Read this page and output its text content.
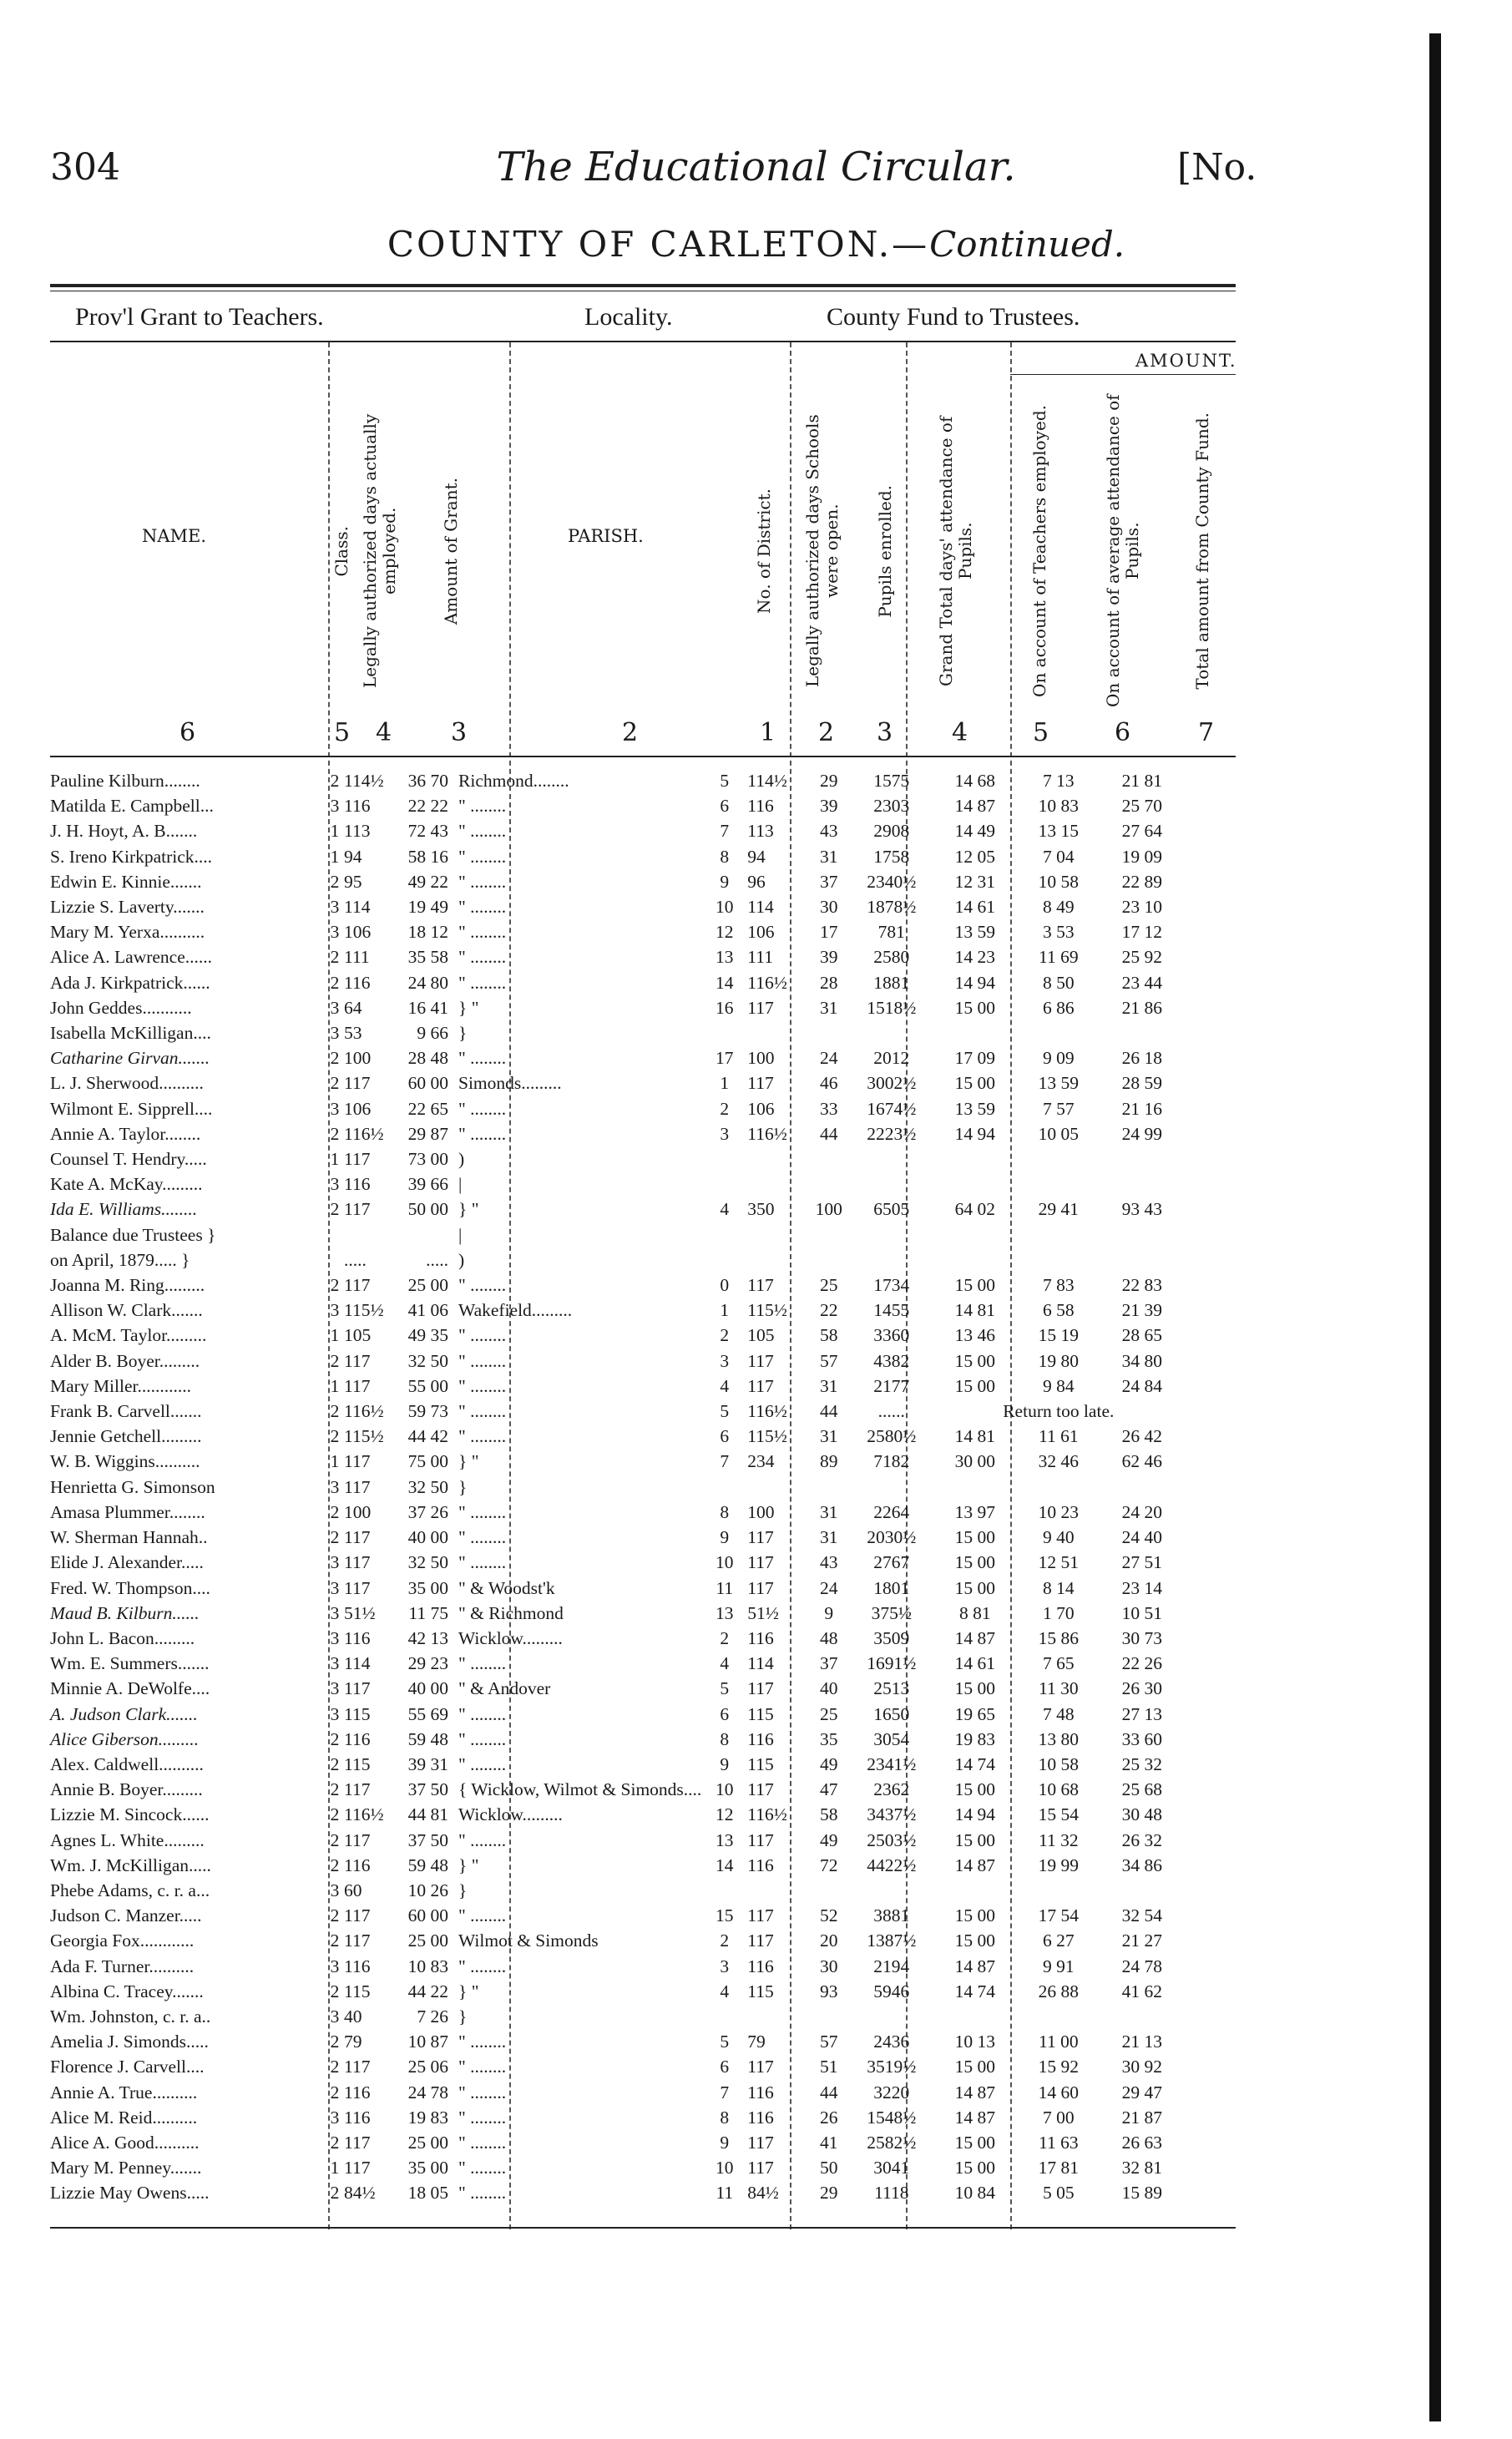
304	The Educational Circular.	[No.
COUNTY OF CARLETON.—Continued.
Prov'l Grant to Teachers.	Locality.	County Fund to Trustees.
AMOUNT.
NAME.	Class. Legally authorized days actually employed. Amount of Grant.	PARISH.	No. of District. Legally authorized days Schools were open. Pupils enrolled. Grand Total days' attendance of Pupils.	On account of Teachers employed.	On account of average attendance of Pupils.	Total amount from County Fund.
6	5 4 3	2	1 2 3 4	5	6	7
Pauline Kilburn........	2	114½	36 70	Richmond........	5	114½	29	1575	14 68	7 13	21 81
Matilda E. Campbell...	3	116	22 22	" ........	6	116	39	2303	14 87	10 83	25 70
J. H. Hoyt, A. B.......	1	113	72 43	" ........	7	113	43	2908	14 49	13 15	27 64
S. Ireno Kirkpatrick....	1	94	58 16	" ........	8	94	31	1758	12 05	7 04	19 09
Edwin E. Kinnie.......	2	95	49 22	" ........	9	96	37	2340½	12 31	10 58	22 89
Lizzie S. Laverty.......	3	114	19 49	" ........	10	114	30	1878½	14 61	8 49	23 10
Mary M. Yerxa..........	3	106	18 12	" ........	12	106	17	781	13 59	3 53	17 12
Alice A. Lawrence......	2	111	35 58	" ........	13	111	39	2580	14 23	11 69	25 92
Ada J. Kirkpatrick......	2	116	24 80	" ........	14	116½	28	1881	14 94	8 50	23 44
John Geddes...........	3	64	16 41	} "	16	117	31	1518½	15 00	6 86	21 86
Isabella McKilligan....	3	53	9 66	}							
Catharine Girvan.......	2	100	28 48	" ........	17	100	24	2012	17 09	9 09	26 18
L. J. Sherwood..........	2	117	60 00	Simonds.........	1	117	46	3002½	15 00	13 59	28 59
Wilmont E. Sipprell....	3	106	22 65	" ........	2	106	33	1674½	13 59	7 57	21 16
Annie A. Taylor........	2	116½	29 87	" ........	3	116½	44	2223½	14 94	10 05	24 99
Counsel T. Hendry.....	1	117	73 00	)							
Kate A. McKay.........	3	116	39 66	|							
Ida E. Williams........	2	117	50 00	} "	4	350	100	6505	64 02	29 41	93 43
Balance due Trustees }				|							
on April, 1879..... }		.....	.....	)							
Joanna M. Ring.........	2	117	25 00	" ........	0	117	25	1734	15 00	7 83	22 83
Allison W. Clark.......	3	115½	41 06	Wakefield.........	1	115½	22	1455	14 81	6 58	21 39
A. McM. Taylor.........	1	105	49 35	" ........	2	105	58	3360	13 46	15 19	28 65
Alder B. Boyer.........	2	117	32 50	" ........	3	117	57	4382	15 00	19 80	34 80
Mary Miller............	1	117	55 00	" ........	4	117	31	2177	15 00	9 84	24 84
Frank B. Carvell.......	2	116½	59 73	" ........	5	116½	44	......	Return too late.		
Jennie Getchell.........	2	115½	44 42	" ........	6	115½	31	2580½	14 81	11 61	26 42
W. B. Wiggins..........	1	117	75 00	} "	7	234	89	7182	30 00	32 46	62 46
Henrietta G. Simonson	3	117	32 50	}							
Amasa Plummer........	2	100	37 26	" ........	8	100	31	2264	13 97	10 23	24 20
W. Sherman Hannah..	2	117	40 00	" ........	9	117	31	2030½	15 00	9 40	24 40
Elide J. Alexander.....	3	117	32 50	" ........	10	117	43	2767	15 00	12 51	27 51
Fred. W. Thompson....	3	117	35 00	" & Woodst'k	11	117	24	1801	15 00	8 14	23 14
Maud B. Kilburn......	3	51½	11 75	" & Richmond	13	51½	9	375½	8 81	1 70	10 51
John L. Bacon.........	3	116	42 13	Wicklow.........	2	116	48	3509	14 87	15 86	30 73
Wm. E. Summers.......	3	114	29 23	" ........	4	114	37	1691½	14 61	7 65	22 26
Minnie A. DeWolfe....	3	117	40 00	" & Andover	5	117	40	2513	15 00	11 30	26 30
A. Judson Clark.......	3	115	55 69	" ........	6	115	25	1650	19 65	7 48	27 13
Alice Giberson.........	2	116	59 48	" ........	8	116	35	3054	19 83	13 80	33 60
Alex. Caldwell..........	2	115	39 31	" ........	9	115	49	2341½	14 74	10 58	25 32
Annie B. Boyer.........	2	117	37 50	{ Wicklow, Wilmot & Simonds....	10	117	47	2362	15 00	10 68	25 68
Lizzie M. Sincock......	2	116½	44 81	Wicklow.........	12	116½	58	3437½	14 94	15 54	30 48
Agnes L. White.........	2	117	37 50	" ........	13	117	49	2503½	15 00	11 32	26 32
Wm. J. McKilligan.....	2	116	59 48	} "	14	116	72	4422½	14 87	19 99	34 86
Phebe Adams, c. r. a...	3	60	10 26	}							
Judson C. Manzer.....	2	117	60 00	" ........	15	117	52	3881	15 00	17 54	32 54
Georgia Fox............	2	117	25 00	Wilmot & Simonds	2	117	20	1387½	15 00	6 27	21 27
Ada F. Turner..........	3	116	10 83	" ........	3	116	30	2194	14 87	9 91	24 78
Albina C. Tracey.......	2	115	44 22	} "	4	115	93	5946	14 74	26 88	41 62
Wm. Johnston, c. r. a..	3	40	7 26	}							
Amelia J. Simonds.....	2	79	10 87	" ........	5	79	57	2436	10 13	11 00	21 13
Florence J. Carvell....	2	117	25 06	" ........	6	117	51	3519½	15 00	15 92	30 92
Annie A. True..........	2	116	24 78	" ........	7	116	44	3220	14 87	14 60	29 47
Alice M. Reid..........	3	116	19 83	" ........	8	116	26	1548½	14 87	7 00	21 87
Alice A. Good..........	2	117	25 00	" ........	9	117	41	2582½	15 00	11 63	26 63
Mary M. Penney.......	1	117	35 00	" ........	10	117	50	3041	15 00	17 81	32 81
Lizzie May Owens.....	2	84½	18 05	" ........	11	84½	29	1118	10 84	5 05	15 89
